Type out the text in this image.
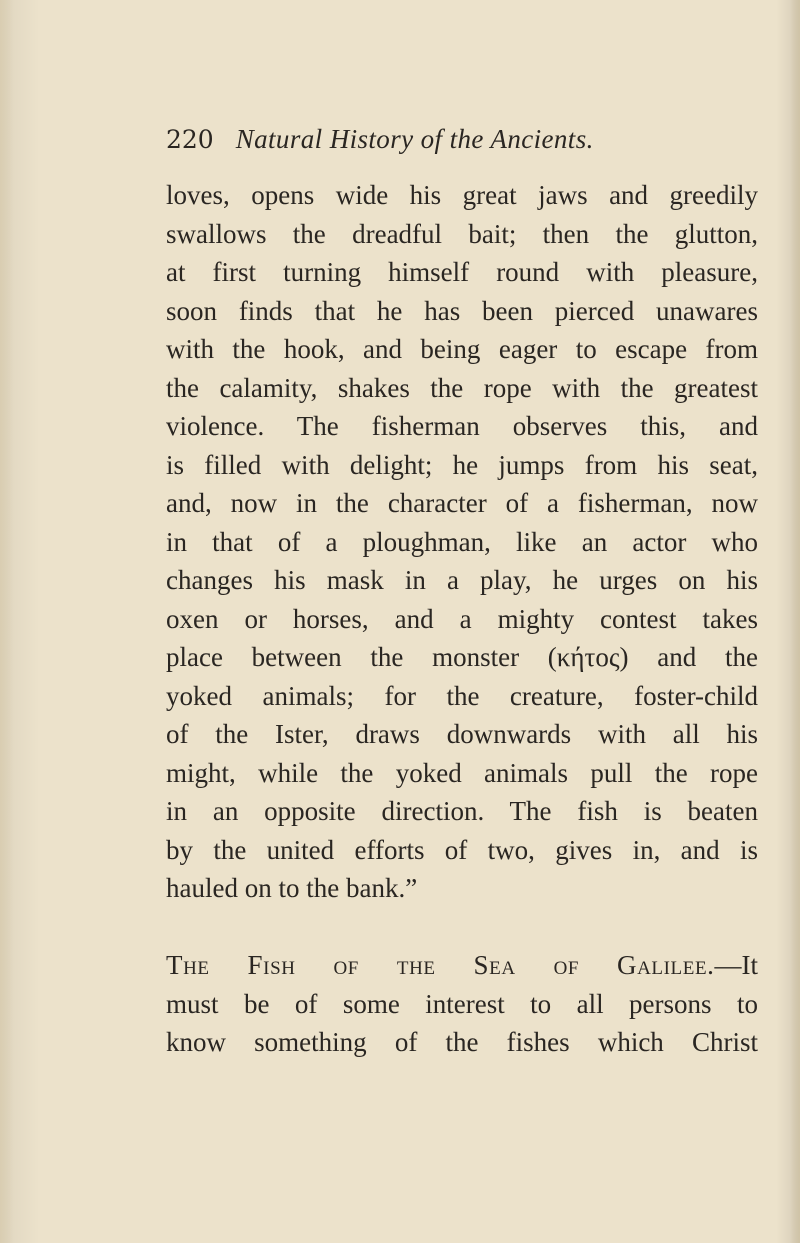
220 Natural History of the Ancients.
loves, opens wide his great jaws and greedily
swallows the dreadful bait; then the glutton,
at first turning himself round with pleasure,
soon finds that he has been pierced unawares
with the hook, and being eager to escape from
the calamity, shakes the rope with the greatest
violence. The fisherman observes this, and
is filled with delight; he jumps from his seat,
and, now in the character of a fisherman, now
in that of a ploughman, like an actor who
changes his mask in a play, he urges on his
oxen or horses, and a mighty contest takes
place between the monster (κήτος) and the
yoked animals; for the creature, foster-child
of the Ister, draws downwards with all his
might, while the yoked animals pull the rope
in an opposite direction. The fish is beaten
by the united efforts of two, gives in, and is
hauled on to the bank.”
The Fish of the Sea of Galilee.—It
must be of some interest to all persons to
know something of the fishes which Christ
